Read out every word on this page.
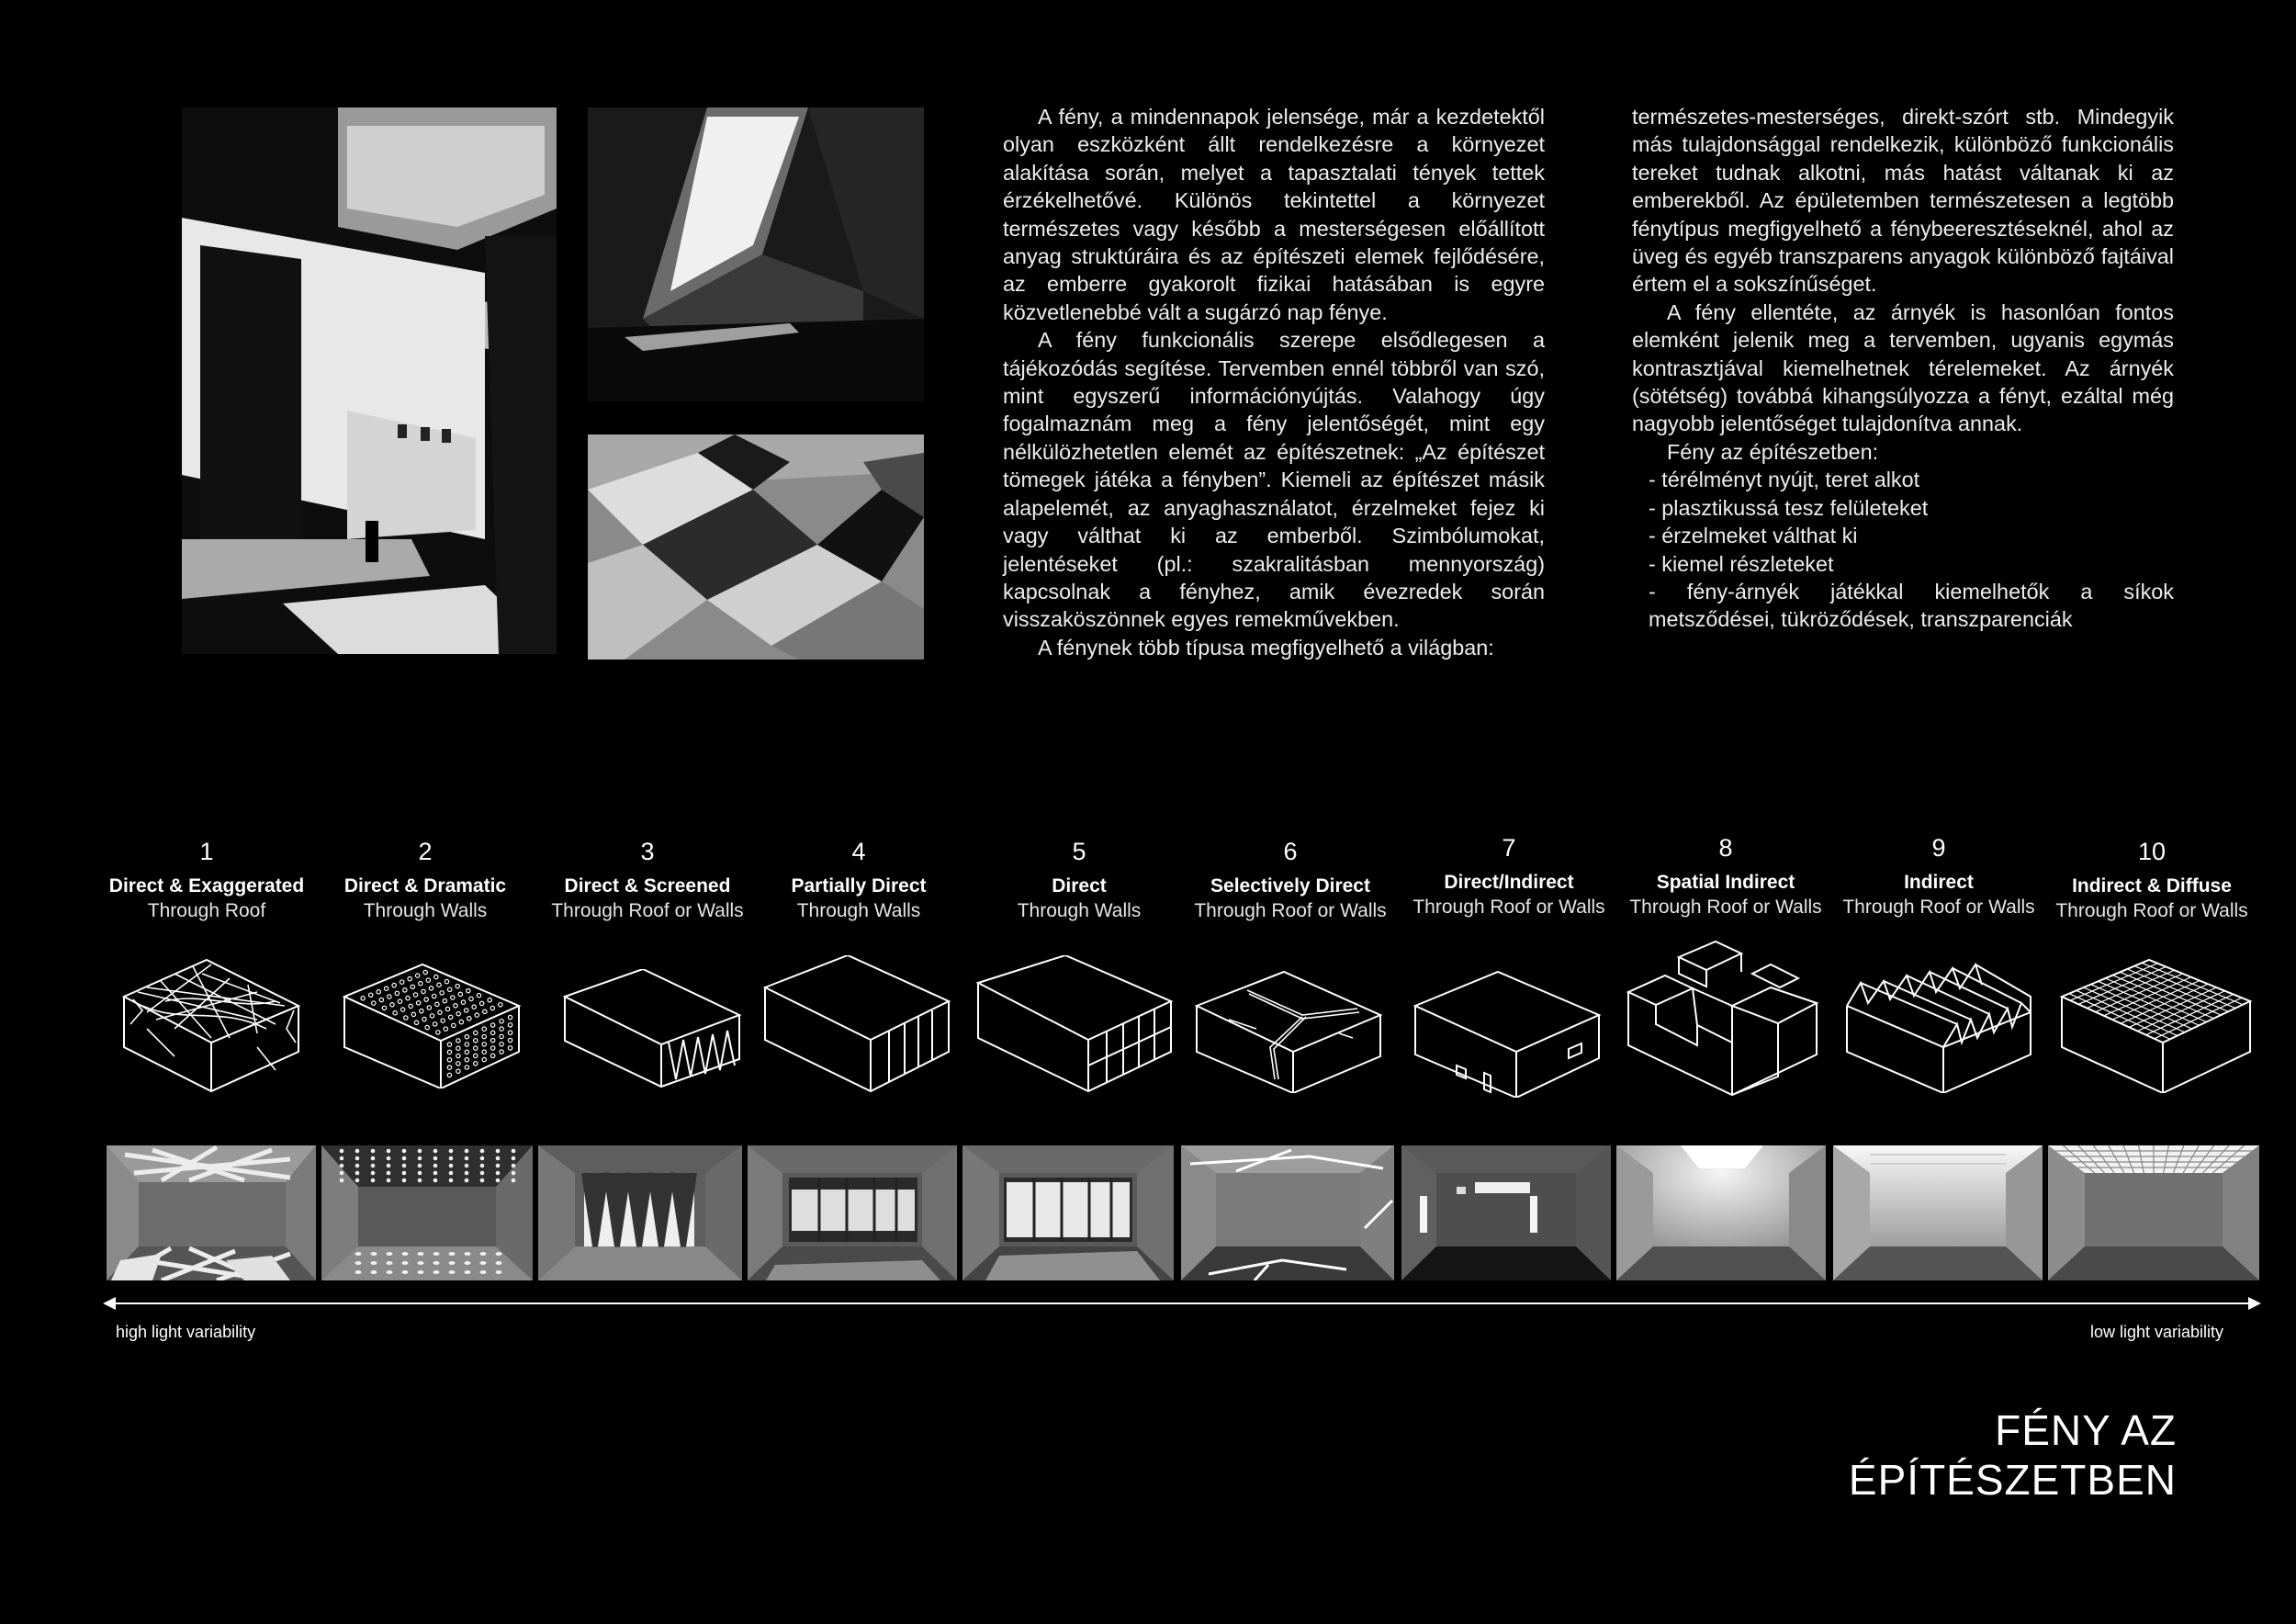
A fény, a mindennapok jelensége, már a kezdetektől olyan eszközként állt rendelkezésre a környezet alakítása során, melyet a tapasztalati tények tettek érzékelhetővé. Különös tekintettel a környezet természetes vagy később a mesterségesen előállított anyag struktúráira és az építészeti elemek fejlődésére, az emberre gyakorolt fizikai hatásában is egyre közvetlenebbé vált a sugárzó nap fénye.

A fény funkcionális szerepe elsődlegesen a tájékozódás segítése. Tervemben ennél többről van szó, mint egyszerű információnyújtás. Valahogy úgy fogalmaznám meg a fény jelentőségét, mint egy nélkülözhetetlen elemét az építészetnek: „Az építészet tömegek játéka a fényben”. Kiemeli az építészet másik alapelemét, az anyaghasználatot, érzelmeket fejez ki vagy válthat ki az emberből. Szimbólumokat, jelentéseket (pl.: szakralitásban mennyország) kapcsolnak a fényhez, amik évezredek során visszaköszönnek egyes remekművekben.

A fénynek több típusa megfigyelhető a világban:

természetes-mesterséges, direkt-szórt stb. Mindegyik más tulajdonsággal rendelkezik, különböző funkcionális tereket tudnak alkotni, más hatást váltanak ki az emberekből. Az épületemben természetesen a legtöbb fénytípus megfigyelhető a fénybeeresztéseknél, ahol az üveg és egyéb transzparens anyagok különböző fajtáival értem el a sokszínűséget.

A fény ellentéte, az árnyék is hasonlóan fontos elemként jelenik meg a tervemben, ugyanis egymás kontrasztjával kiemelhetnek térelemeket. Az árnyék (sötétség) továbbá kihangsúlyozza a fényt, ezáltal még nagyobb jelentőséget tulajdonítva annak.

Fény az építészetben:

- térélményt nyújt, teret alkot

- plasztikussá tesz felületeket

- érzelmeket válthat ki

- kiemel részleteket

- fény-árnyék játékkal kiemelhetők a síkok metsződései, tükröződések, transzparenciák

1
Direct & Exaggerated
Through Roof
2
Direct & Dramatic
Through Walls
3
Direct & Screened
Through Roof or Walls
4
Partially Direct
Through Walls
5
Direct
Through Walls
6
Selectively Direct
Through Roof or Walls
7
Direct/Indirect
Through Roof or Walls
8
Spatial Indirect
Through Roof or Walls
9
Indirect
Through Roof or Walls
10
Indirect & Diffuse
Through Roof or Walls
high light variability	low light variability
FÉNY AZ ÉPÍTÉSZETBEN
